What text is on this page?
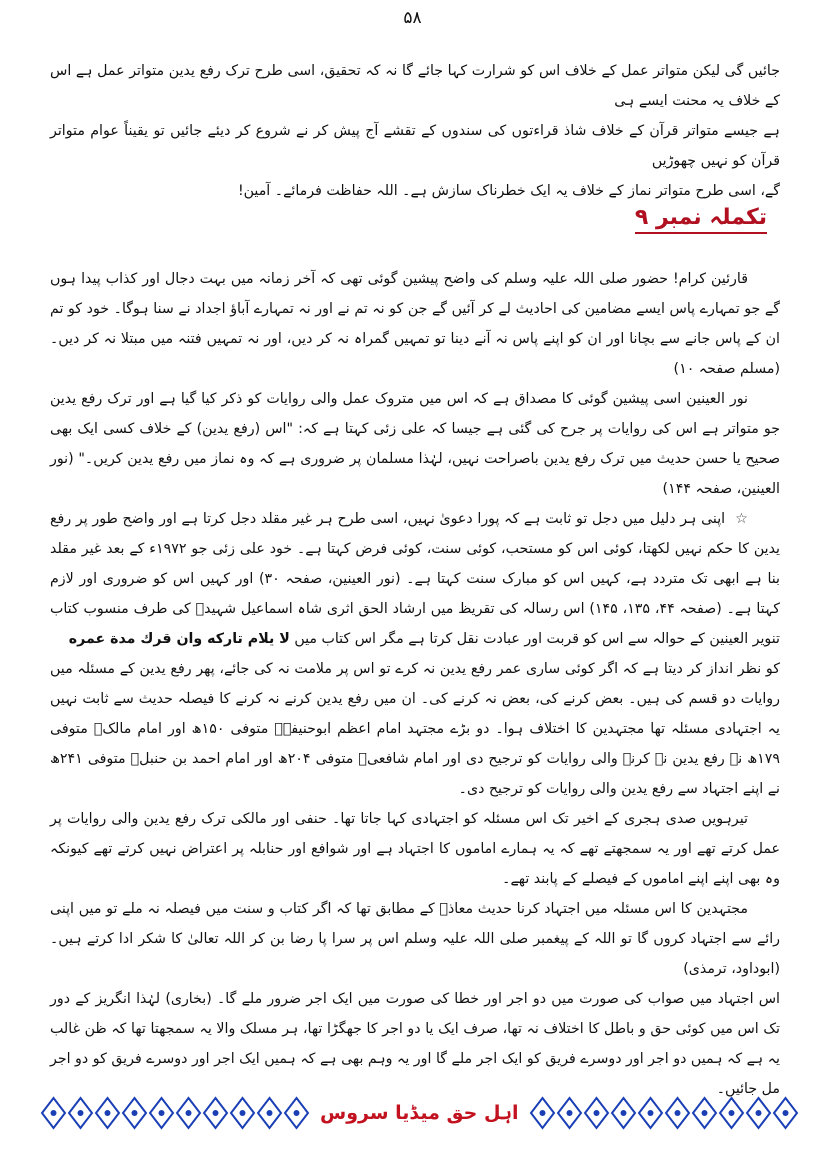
۵۸

جائیں گی لیکن متواتر عمل کے خلاف اس کو شرارت کہا جائے گا نہ کہ تحقیق، اسی طرح ترک رفع یدین متواتر عمل ہے اس کے خلاف یہ محنت ایسے ہی

ہے جیسے متواتر قرآن کے خلاف شاذ قراءتوں کی سندوں کے تقشے آج پیش کر نے شروع کر دیئے جائیں تو یقیناً عوام متواتر قرآن کو نہیں چھوڑیں

گے، اسی طرح متواتر نماز کے خلاف یہ ایک خطرناک سازش ہے۔ اللہ حفاظت فرمائے۔ آمین!

تکملہ نمبر ۹

قارئین کرام! حضور صلی اللہ علیہ وسلم کی واضح پیشین گوئی تھی کہ آخر زمانہ میں بہت دجال اور کذاب پیدا ہوں گے جو تمہارے پاس ایسے مضامین کی احادیث لے کر آئیں گے جن کو نہ تم نے اور نہ تمہارے آباؤ اجداد نے سنا ہوگا۔ خود کو تم ان کے پاس جانے سے بچانا اور ان کو اپنے پاس نہ آنے دینا تو تمہیں گمراہ نہ کر دیں، اور نہ تمہیں فتنہ میں مبتلا نہ کر دیں۔ (مسلم صفحہ ۱۰)

نور العینین اسی پیشین گوئی کا مصداق ہے کہ اس میں متروک عمل والی روایات کو ذکر کیا گیا ہے اور ترک رفع یدین جو متواتر ہے اس کی روایات پر جرح کی گئی ہے جیسا کہ علی زئی کہتا ہے کہ: "اس (رفع یدین) کے خلاف کسی ایک بھی صحیح یا حسن حدیث میں ترک رفع یدین باصراحت نہیں، لہٰذا مسلمان پر ضروری ہے کہ وہ نماز میں رفع یدین کریں۔" (نور العینین، صفحہ ۱۴۴)

☆اپنی ہر دلیل میں دجل تو ثابت ہے کہ پورا دعویٰ نہیں، اسی طرح ہر غیر مقلد دجل کرتا ہے اور واضح طور پر رفع یدین کا حکم نہیں لکھتا، کوئی اس کو مستحب، کوئی سنت، کوئی فرض کہتا ہے۔ خود علی زئی جو ۱۹۷۲ء کے بعد غیر مقلد بنا ہے ابھی تک متردد ہے، کہیں اس کو مبارک سنت کہتا ہے۔ (نور العینین، صفحہ ۳۰) اور کہیں اس کو ضروری اور لازم کہتا ہے۔ (صفحہ ۴۴، ۱۳۵، ۱۴۵) اس رسالہ کی تقریظ میں ارشاد الحق اثری شاہ اسماعیل شہیدؒ کی طرف منسوب کتاب تنویر العینین کے حوالہ سے اس کو قربت اور عبادت نقل کرتا ہے مگر اس کتاب میں لا يلام تاركه وان قرك مدة عمره

کو نظر انداز کر دیتا ہے کہ اگر کوئی ساری عمر رفع یدین نہ کرے تو اس پر ملامت نہ کی جائے، پھر رفع یدین کے مسئلہ میں روایات دو قسم کی ہیں۔ بعض کرنے کی، بعض نہ کرنے کی۔ ان میں رفع یدین کرنے نہ کرنے کا فیصلہ حدیث سے ثابت نہیں یہ اجتہادی مسئلہ تھا مجتہدین کا اختلاف ہوا۔ دو بڑے مجتہد امام اعظم ابوحنیفہؒ متوفی ۱۵۰ھ اور امام مالکؒ متوفی ۱۷۹ھ نے رفع یدین نہ کرنے والی روایات کو ترجیح دی اور امام شافعیؒ متوفی ۲۰۴ھ اور امام احمد بن حنبلؒ متوفی ۲۴۱ھ نے اپنے اجتہاد سے رفع یدین والی روایات کو ترجیح دی۔

تیرہویں صدی ہجری کے اخیر تک اس مسئلہ کو اجتہادی کہا جاتا تھا۔ حنفی اور مالکی ترک رفع یدین والی روایات پر عمل کرتے تھے اور یہ سمجھتے تھے کہ یہ ہمارے اماموں کا اجتہاد ہے اور شوافع اور حنابلہ پر اعتراض نہیں کرتے تھے کیونکہ وہ بھی اپنے اپنے اماموں کے فیصلے کے پابند تھے۔

مجتہدین کا اس مسئلہ میں اجتہاد کرنا حدیث معاذؓ کے مطابق تھا کہ اگر کتاب و سنت میں فیصلہ نہ ملے تو میں اپنی رائے سے اجتہاد کروں گا تو اللہ کے پیغمبر صلی اللہ علیہ وسلم اس پر سرا پا رضا بن کر اللہ تعالیٰ کا شکر ادا کرتے ہیں۔ (ابوداود، ترمذی)

اس اجتہاد میں صواب کی صورت میں دو اجر اور خطا کی صورت میں ایک اجر ضرور ملے گا۔ (بخاری) لہٰذا انگریز کے دور تک اس میں کوئی حق و باطل کا اختلاف نہ تھا، صرف ایک یا دو اجر کا جھگڑا تھا، ہر مسلک والا یہ سمجھتا تھا کہ ظن غالب یہ ہے کہ ہمیں دو اجر اور دوسرے فریق کو ایک اجر ملے گا اور یہ وہم بھی ہے کہ ہمیں ایک اجر اور دوسرے فریق کو دو اجر مل جائیں۔

اہل حق میڈیا سروس
